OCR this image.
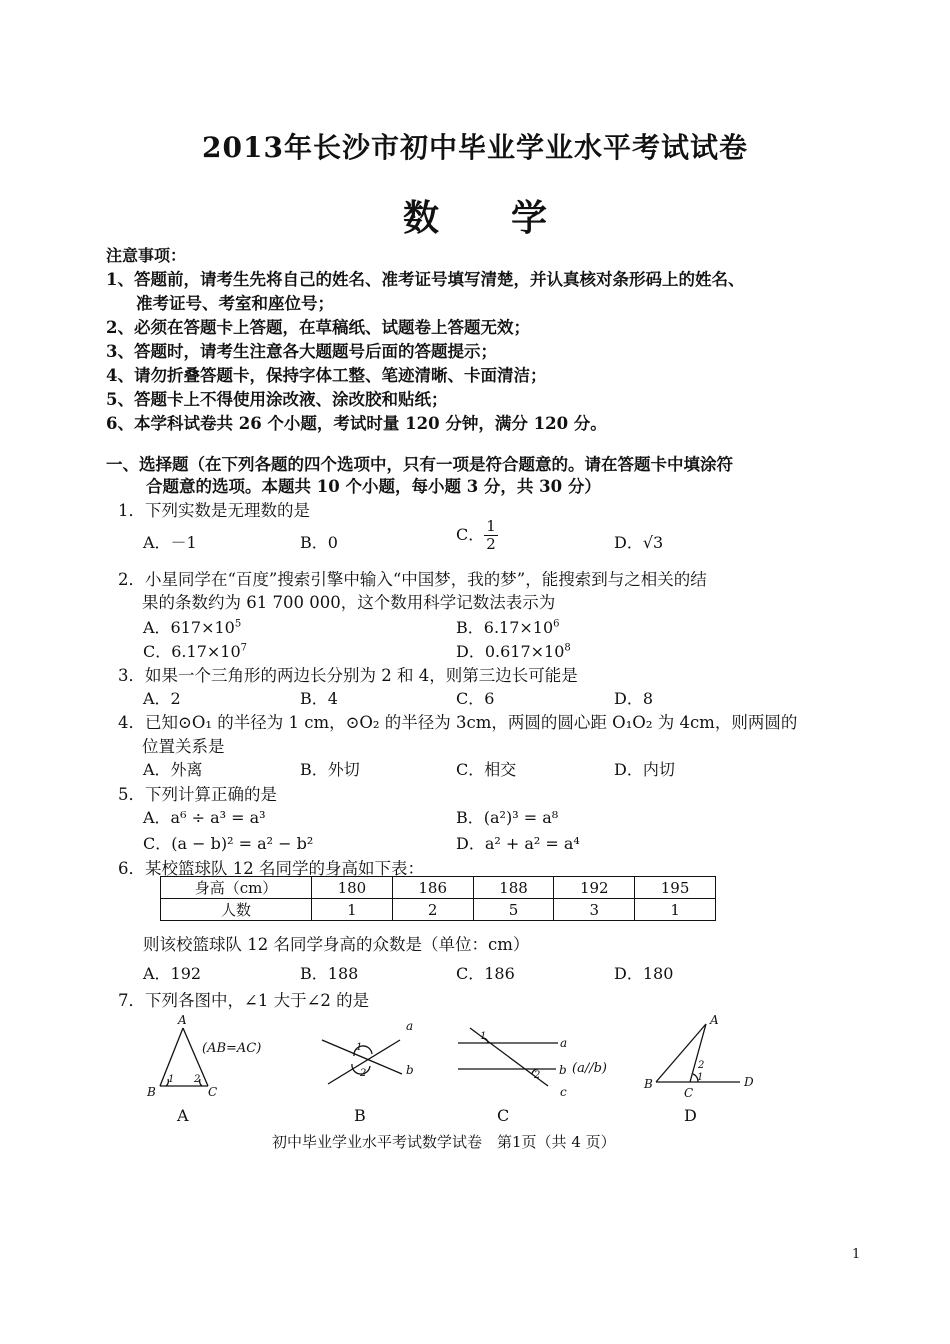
2013年长沙市初中毕业学业水平考试试卷
数　　学
注意事项：
1、答题前，请考生先将自己的姓名、准考证号填写清楚，并认真核对条形码上的姓名、
准考证号、考室和座位号；
2、必须在答题卡上答题，在草稿纸、试题卷上答题无效；
3、答题时，请考生注意各大题题号后面的答题提示；
4、请勿折叠答题卡，保持字体工整、笔迹清晰、卡面清洁；
5、答题卡上不得使用涂改液、涂改胶和贴纸；
6、本学科试卷共 26 个小题，考试时量 120 分钟，满分 120 分。
一、选择题（在下列各题的四个选项中，只有一项是符合题意的。请在答题卡中填涂符
合题意的选项。本题共 10 个小题，每小题 3 分，共 30 分）
1．下列实数是无理数的是
A．－1	B．0	C． $\frac{1}{2}$	D．√3
2．小星同学在“百度”搜索引擎中输入“中国梦，我的梦”，能搜索到与之相关的结
果的条数约为 61 700 000，这个数用科学记数法表示为
A．$617\times 10^5$	B．$6.17\times 10^6$
C．$6.17\times 10^7$	D．$0.617\times 10^8$
3．如果一个三角形的两边长分别为 2 和 4，则第三边长可能是
A．2	B．4	C．6	D．8
4．已知⊙O₁ 的半径为 1 cm，⊙O₂ 的半径为 3cm，两圆的圆心距 O₁O₂ 为 4cm，则两圆的
位置关系是
A．外离	B．外切	C．相交	D．内切
5．下列计算正确的是
A．a⁶ ÷ a³ = a³	B．(a²)³ = a⁸
C．(a − b)² = a² − b²	D．a² + a² = a⁴
6．某校篮球队 12 名同学的身高如下表：
身高（cm）	180	186	188	192	195
人数	1	2	5	3	1
则该校篮球队 12 名同学身高的众数是（单位：cm）
A．192	B．188	C．186	D．180
7．下列各图中，∠1 大于∠2 的是
A
B	C
1 2
a
b
1
2
a
b
c
1
2
A
B
C
D
2
1
(AB=AC)
(a//b)
A	B	C	D
初中毕业学业水平考试数学试卷　第1页（共 4 页）
1
